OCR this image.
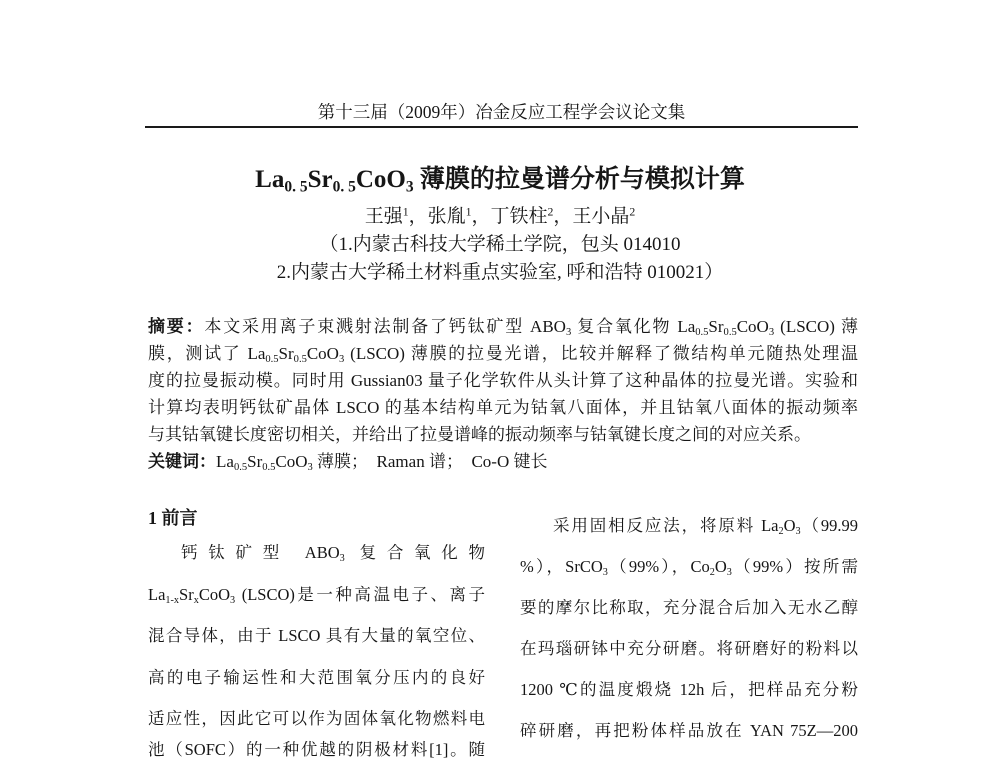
第十三届（2009年）冶金反应工程学会议论文集
$La_{0. 5}Sr_{0. 5}CoO_3$ 薄膜的拉曼谱分析与模拟计算
王强$^1$，张胤$^1$，丁铁柱$^2$，王小晶$^2$
（1.内蒙古科技大学稀土学院，包头 014010
2.内蒙古大学稀土材料重点实验室, 呼和浩特 010021）
摘要：本文采用离子束溅射法制备了钙钛矿型 $ABO_3$ 复合氧化物 $La_{0.5}Sr_{0.5}CoO_3$ (LSCO) 薄
膜，测试了 $La_{0.5}Sr_{0.5}CoO_3$ (LSCO) 薄膜的拉曼光谱，比较并解释了微结构单元随热处理温
度的拉曼振动模。同时用 Gussian03 量子化学软件从头计算了这种晶体的拉曼光谱。实验和
计算均表明钙钛矿晶体 LSCO 的基本结构单元为钴氧八面体，并且钴氧八面体的振动频率
与其钴氧键长度密切相关，并给出了拉曼谱峰的振动频率与钴氧键长度之间的对应关系。
关键词：$La_{0.5}Sr_{0.5}CoO_3$ 薄膜；  Raman 谱；  Co-O 键长
1 前言
钙钛矿型 $ABO_3$ 复合氧化物
$La_{1-x}Sr_xCoO_3$ (LSCO)是一种高温电子、离子
混合导体，由于 LSCO 具有大量的氧空位、
高的电子输运性和大范围氧分压内的良好
适应性，因此它可以作为固体氧化物燃料电
池（SOFC）的一种优越的阴极材料[1]。随
采用固相反应法，将原料 $La_2O_3(99.99$
%），SrCO$_3$（99%），$Co_2O_3(99\%)$按所需
要的摩尔比称取，充分混合后加入无水乙醇
在玛瑙研钵中充分研磨。将研磨好的粉料以
1200 ℃的温度煅烧 12h 后，把样品充分粉
碎研磨，再把粉体样品放在 YAN 75Z—200
